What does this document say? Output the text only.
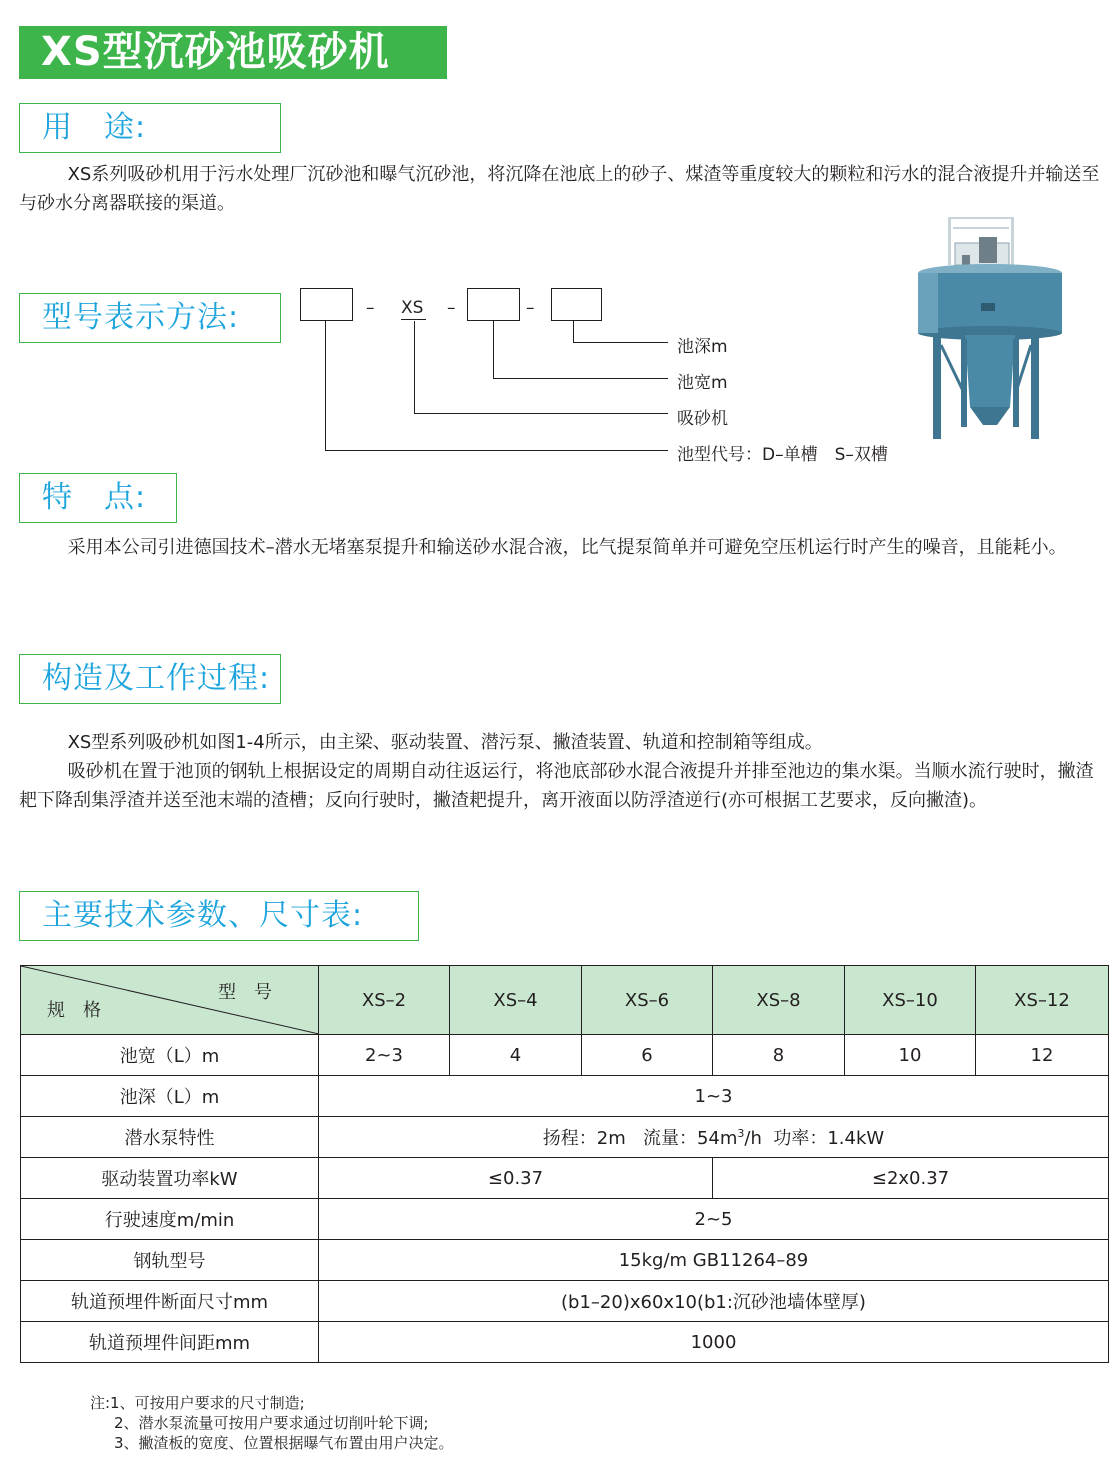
XS型沉砂池吸砂机
用　途:

XS系列吸砂机用于污水处理厂沉砂池和曝气沉砂池，将沉降在池底上的砂子、煤渣等重度较大的颗粒和污水的混合液提升并输送至与砂水分离器联接的渠道。

型号表示方法:	– XS –	–
池深m
池宽m
吸砂机
池型代号：D–单槽　S–双槽
特　点:

采用本公司引进德国技术–潜水无堵塞泵提升和输送砂水混合液，比气提泵简单并可避免空压机运行时产生的噪音，且能耗小。

构造及工作过程:

XS型系列吸砂机如图1-4所示，由主梁、驱动装置、潜污泵、撇渣装置、轨道和控制箱等组成。

吸砂机在置于池顶的钢轨上根据设定的周期自动往返运行，将池底部砂水混合液提升并排至池边的集水渠。当顺水流行驶时，撇渣耙下降刮集浮渣并送至池末端的渣槽；反向行驶时，撇渣耙提升，离开液面以防浮渣逆行(亦可根据工艺要求，反向撇渣)。

主要技术参数、尺寸表:
型号
规格	XS–2	XS–4	XS–6	XS–8	XS–10	XS–12
池宽（L）m	2~3	4	6	8	10	12
池深（L）m	1~3					
潜水泵特性	扬程：2m 流量：$54m^3/h$ 功率：1.4kW					
驱动装置功率kW	≤0.37			≤2x0.37		
行驶速度m/min	2~5					
钢轨型号	15kg/m GB11264–89					
轨道预埋件断面尺寸mm	(b1–20)x60x10(b1:沉砂池墙体壁厚)					
轨道预埋件间距mm	1000					
注:1、可按用户要求的尺寸制造;
2、潜水泵流量可按用户要求通过切削叶轮下调;
3、撇渣板的宽度、位置根据曝气布置由用户决定。
